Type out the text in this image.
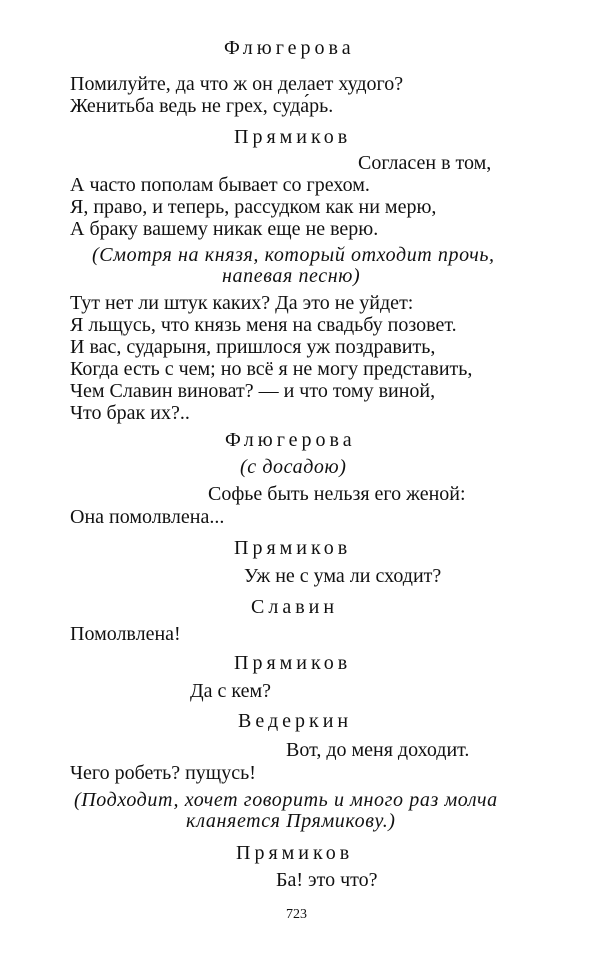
Флюгерова
Помилуйте, да что ж он делает худого?
Женитьба ведь не грех, суда́рь.
Прямиков
Согласен в том,
А часто пополам бывает со грехом.
Я, право, и теперь, рассудком как ни мерю,
А браку вашему никак еще не верю.
(Смотря на князя, который отходит прочь,
напевая песню)
Тут нет ли штук каких? Да это не уйдет:
Я льщусь, что князь меня на свадьбу позовет.
И вас, сударыня, пришлося уж поздравить,
Когда есть с чем; но всё я не могу представить,
Чем Славин виноват? — и что тому виной,
Что брак их?..
Флюгерова
(с досадою)
Софье быть нельзя его женой:
Она помолвлена...
Прямиков
Уж не с ума ли сходит?
Славин
Помолвлена!
Прямиков
Да с кем?
Ведеркин
Вот, до меня доходит.
Чего робеть? пущусь!
(Подходит, хочет говорить и много раз молча
кланяется Прямикову.)
Прямиков
Ба! это что?
723
